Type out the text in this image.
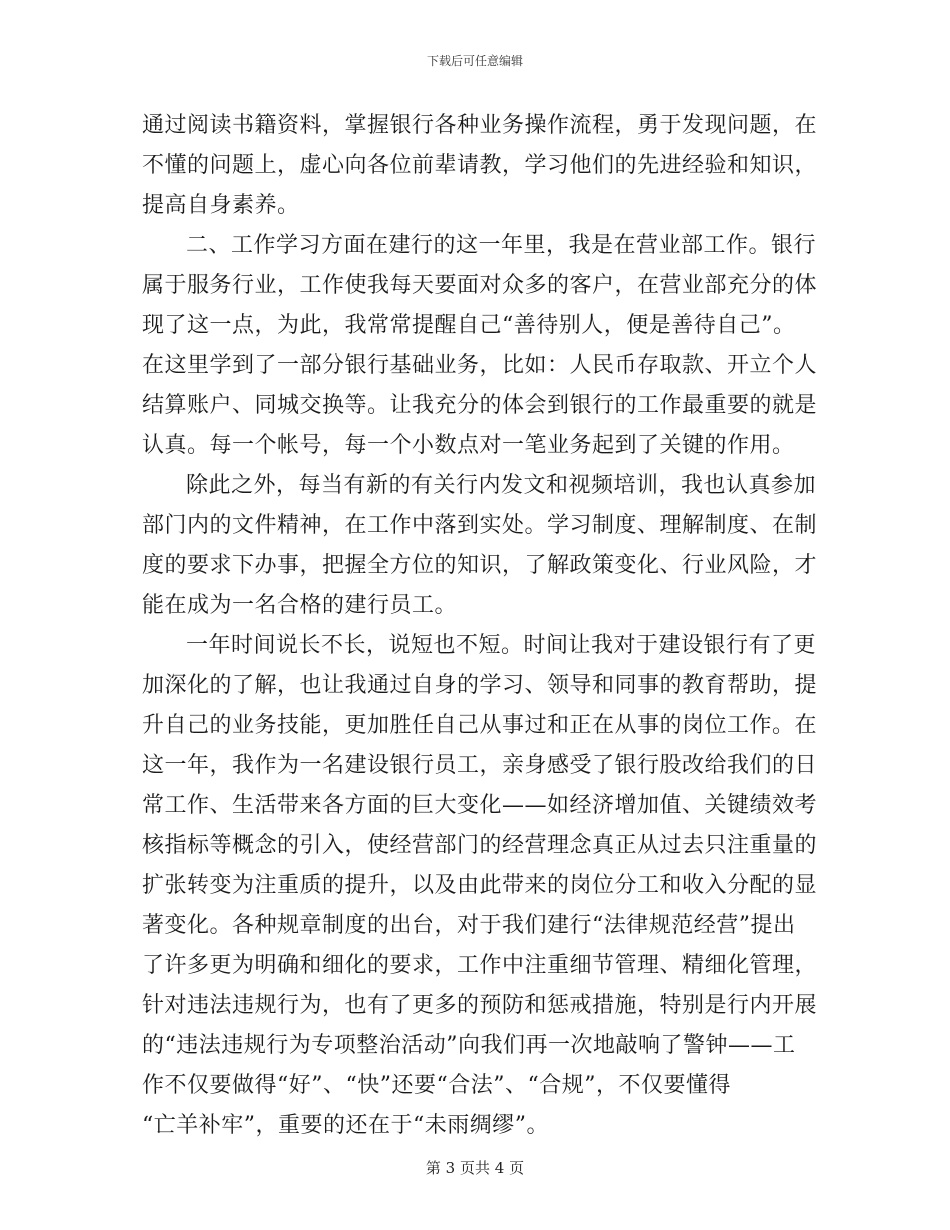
下载后可任意编辑
通过阅读书籍资料，掌握银行各种业务操作流程，勇于发现问题，在
不懂的问题上，虚心向各位前辈请教，学习他们的先进经验和知识，
提高自身素养。
二、工作学习方面在建行的这一年里，我是在营业部工作。银行
属于服务行业，工作使我每天要面对众多的客户，在营业部充分的体
现了这一点，为此，我常常提醒自己“善待别人，便是善待自己”。
在这里学到了一部分银行基础业务，比如：人民币存取款、开立个人
结算账户、同城交换等。让我充分的体会到银行的工作最重要的就是
认真。每一个帐号，每一个小数点对一笔业务起到了关键的作用。
除此之外，每当有新的有关行内发文和视频培训，我也认真参加
部门内的文件精神，在工作中落到实处。学习制度、理解制度、在制
度的要求下办事，把握全方位的知识，了解政策变化、行业风险，才
能在成为一名合格的建行员工。
一年时间说长不长，说短也不短。时间让我对于建设银行有了更
加深化的了解，也让我通过自身的学习、领导和同事的教育帮助，提
升自己的业务技能，更加胜任自己从事过和正在从事的岗位工作。在
这一年，我作为一名建设银行员工，亲身感受了银行股改给我们的日
常工作、生活带来各方面的巨大变化——如经济增加值、关键绩效考
核指标等概念的引入，使经营部门的经营理念真正从过去只注重量的
扩张转变为注重质的提升，以及由此带来的岗位分工和收入分配的显
著变化。各种规章制度的出台，对于我们建行“法律规范经营”提出
了许多更为明确和细化的要求，工作中注重细节管理、精细化管理，
针对违法违规行为，也有了更多的预防和惩戒措施，特别是行内开展
的“违法违规行为专项整治活动”向我们再一次地敲响了警钟——工
作不仅要做得“好”、“快”还要“合法”、“合规”，不仅要懂得
“亡羊补牢”，重要的还在于“未雨绸缪”。
第 3 页共 4 页
